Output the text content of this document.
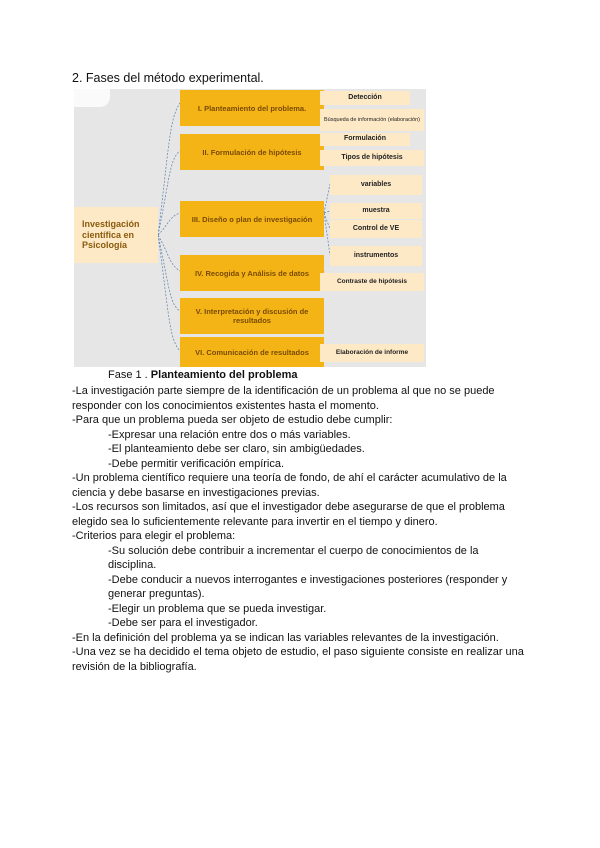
2. Fases del método experimental.
Investigación científica en Psicología
I. Planteamiento del problema.
II. Formulación de hipótesis
III. Diseño o plan de investigación
IV. Recogida y Análisis de datos
V. Interpretación y discusión de resultados
VI. Comunicación de resultados
Detección
Búsqueda de información (elaboración)
Formulación
Tipos de hipótesis
variables
muestra
Control de VE
instrumentos
Contraste de hipótesis
Elaboración de informe
Fase 1 . Planteamiento del problema

-La investigación parte siempre de la identificación de un problema al que no se puede responder con los conocimientos existentes hasta el momento.

-Para que un problema pueda ser objeto de estudio debe cumplir:

-Expresar una relación entre dos o más variables.

-El planteamiento debe ser claro, sin ambigüedades.

-Debe permitir verificación empírica.

-Un problema científico requiere una teoría de fondo, de ahí el carácter acumulativo de la ciencia y debe basarse en investigaciones previas.

-Los recursos son limitados, así que el investigador debe asegurarse de que el problema elegido sea lo suficientemente relevante para invertir en el tiempo y dinero.

-Criterios para elegir el problema:

-Su solución debe contribuir a incrementar el cuerpo de conocimientos de la disciplina.

-Debe conducir a nuevos interrogantes e investigaciones posteriores (responder y generar preguntas).

-Elegir un problema que se pueda investigar.

-Debe ser para el investigador.

-En la definición del problema ya se indican las variables relevantes de la investigación.

-Una vez se ha decidido el tema objeto de estudio, el paso siguiente consiste en realizar una revisión de la bibliografía.
